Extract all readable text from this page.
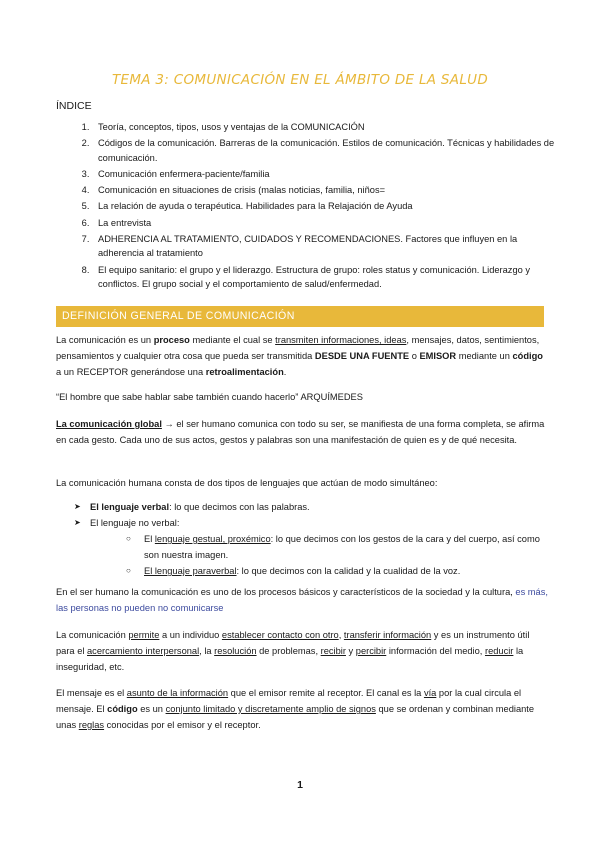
TEMA 3: COMUNICACIÓN EN EL ÁMBITO DE LA SALUD
ÍNDICE
1. Teoría, conceptos, tipos, usos y ventajas de la COMUNICACIÓN
2. Códigos de la comunicación. Barreras de la comunicación. Estilos de comunicación. Técnicas y habilidades de comunicación.
3. Comunicación enfermera-paciente/familia
4. Comunicación en situaciones de crisis (malas noticias, familia, niños=
5. La relación de ayuda o terapéutica. Habilidades para la Relajación de Ayuda
6. La entrevista
7. ADHERENCIA AL TRATAMIENTO, CUIDADOS Y RECOMENDACIONES. Factores que influyen en la adherencia al tratamiento
8. El equipo sanitario: el grupo y el liderazgo. Estructura de grupo: roles status y comunicación. Liderazgo y conflictos. El grupo social y el comportamiento de salud/enfermedad.
DEFINICIÓN GENERAL DE COMUNICACIÓN

La comunicación es un proceso mediante el cual se transmiten informaciones, ideas, mensajes, datos, sentimientos, pensamientos y cualquier otra cosa que pueda ser transmitida DESDE UNA FUENTE o EMISOR mediante un código a un RECEPTOR generándose una retroalimentación.

“El hombre que sabe hablar sabe también cuando hacerlo” ARQUÍMEDES

La comunicación global → el ser humano comunica con todo su ser, se manifiesta de una forma completa, se afirma en cada gesto. Cada uno de sus actos, gestos y palabras son una manifestación de quien es y de qué necesita.

La comunicación humana consta de dos tipos de lenguajes que actúan de modo simultáneo:

➤ El lenguaje verbal: lo que decimos con las palabras.
➤ El lenguaje no verbal:
○ El lenguaje gestual, proxémico: lo que decimos con los gestos de la cara y del cuerpo, así como son nuestra imagen.
○ El lenguaje paraverbal: lo que decimos con la calidad y la cualidad de la voz.

En el ser humano la comunicación es uno de los procesos básicos y característicos de la sociedad y la cultura, es más, las personas no pueden no comunicarse

La comunicación permite a un individuo establecer contacto con otro, transferir información y es un instrumento útil para el acercamiento interpersonal, la resolución de problemas, recibir y percibir información del medio, reducir la inseguridad, etc.

El mensaje es el asunto de la información que el emisor remite al receptor. El canal es la vía por la cual circula el mensaje. El código es un conjunto limitado y discretamente amplio de signos que se ordenan y combinan mediante unas reglas conocidas por el emisor y el receptor.

1
